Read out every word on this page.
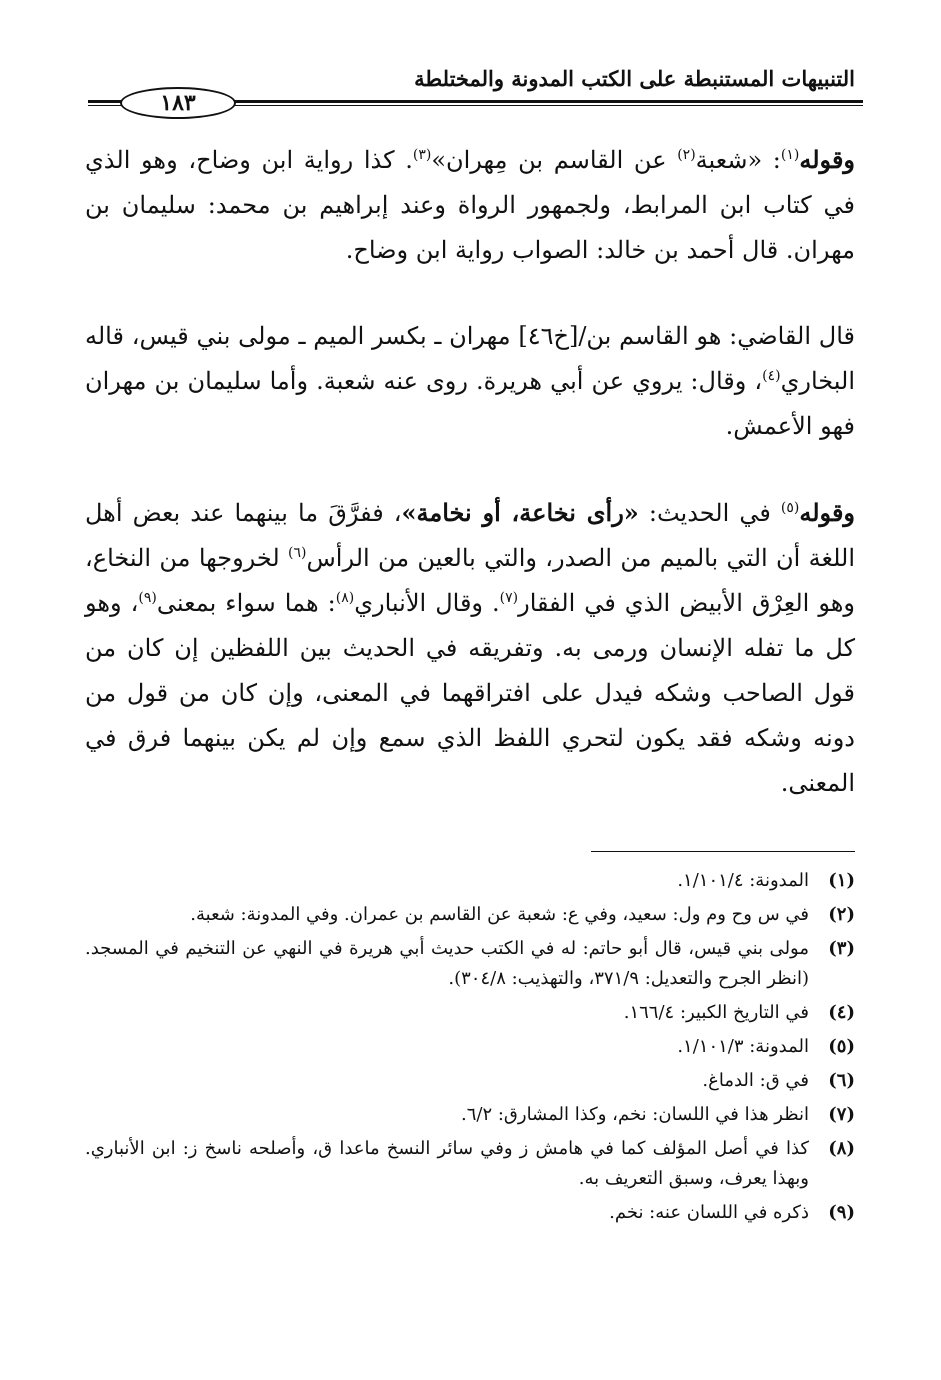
التنبيهات المستنبطة على الكتب المدونة والمختلطة
١٨٣
وقوله$^{(١)}$: «شعبة$^{(٢)}$ عن القاسم بن مِهران»$^{(٣)}$. كذا رواية ابن وضاح، وهو الذي في كتاب ابن المرابط، ولجمهور الرواة وعند إبراهيم بن محمد: سليمان بن مهران. قال أحمد بن خالد: الصواب رواية ابن وضاح.
قال القاضي: هو القاسم بن/[خ٤٦] مهران ـ بكسر الميم ـ مولى بني قيس، قاله البخاري$^{(٤)}$، وقال: يروي عن أبي هريرة. روى عنه شعبة. وأما سليمان بن مهران فهو الأعمش.
وقوله$^{(٥)}$ في الحديث: «رأى نخاعة، أو نخامة»، ففرَّقَ ما بينهما عند بعض أهل اللغة أن التي بالميم من الصدر، والتي بالعين من الرأس$^{(٦)}$ لخروجها من النخاع، وهو العِرْق الأبيض الذي في الفقار$^{(٧)}$. وقال الأنباري$^{(٨)}$: هما سواء بمعنى$^{(٩)}$، وهو كل ما تفله الإنسان ورمى به. وتفريقه في الحديث بين اللفظين إن كان من قول الصاحب وشكه فيدل على افتراقهما في المعنى، وإن كان من قول من دونه وشكه فقد يكون لتحري اللفظ الذي سمع وإن لم يكن بينهما فرق في المعنى.
(١)
المدونة: ١/١٠١/٤.
(٢)
في س وح وم ول: سعيد، وفي ع: شعبة عن القاسم بن عمران. وفي المدونة: شعبة.
(٣)
مولى بني قيس، قال أبو حاتم: له في الكتب حديث أبي هريرة في النهي عن التنخيم في المسجد. (انظر الجرح والتعديل: ٣٧١/٩، والتهذيب: ٣٠٤/٨).
(٤)
في التاريخ الكبير: ١٦٦/٤.
(٥)
المدونة: ١/١٠١/٣.
(٦)
في ق: الدماغ.
(٧)
انظر هذا في اللسان: نخم، وكذا المشارق: ٦/٢.
(٨)
كذا في أصل المؤلف كما في هامش ز وفي سائر النسخ ماعدا ق، وأصلحه ناسخ ز: ابن الأنباري. وبهذا يعرف، وسبق التعريف به.
(٩)
ذكره في اللسان عنه: نخم.
